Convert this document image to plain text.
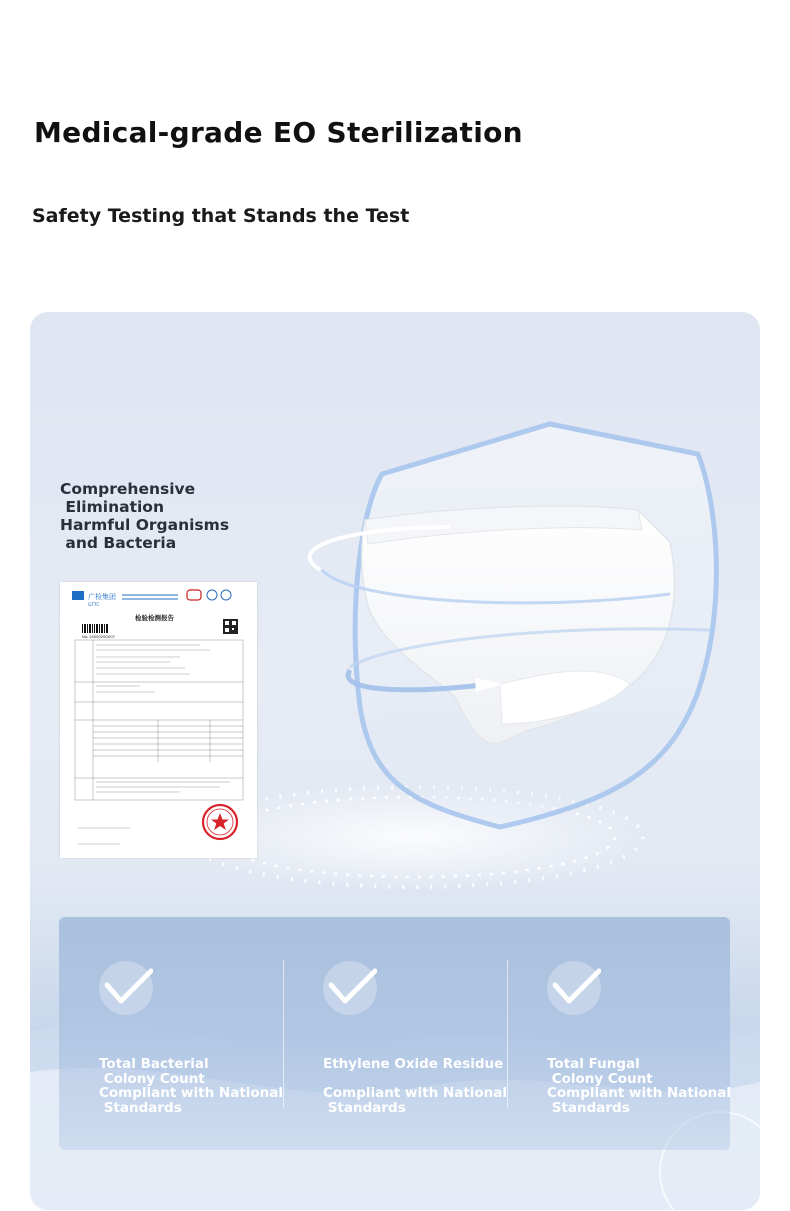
Medical-grade EO Sterilization
Safety Testing that Stands the Test
Comprehensive
Elimination
Harmful Organisms
and Bacteria
广检集团
GTTC
检验检测报告
No: 2400020G007
Total Bacterial
Colony Count
Compliant with National
Standards
Ethylene Oxide Residue
Compliant with National
Standards
Total Fungal
Colony Count
Compliant with National
Standards
